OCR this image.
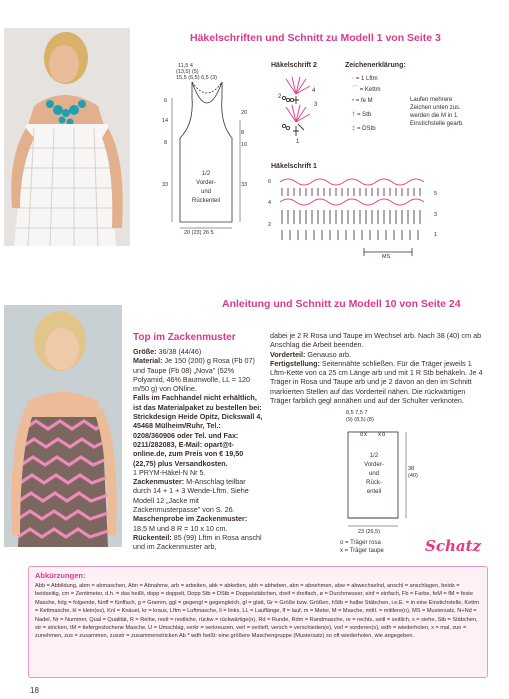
Häkelschriften und Schnitt zu Modell 1 von Seite 3
11,5 4
(13,5) (5)
15,5 (6,5) 6,5 (3)
6
14
8
33
20
8
10
33
1/2
Vorder-
und
Rückenteil
20 (23) 26 5
Häkelschrift 2
4
3
2
1
Zeichenerklärung:
◦ = 1 Lftm
⌒ = Kettm
• = fe M
† = Stb
‡ = DStb
Laufen mehrere
Zeichen unten zus.
werden die M in 1
Einstichstelle gearb.
Häkelschrift 1
6
4
2
5
3
1
MS
Anleitung und Schnitt zu Modell 10 von Seite 24
Top im Zackenmuster
Größe: 36/38 (44/46)
Material: Je 150 (200) g Rosa (Fb 07) und Taupe (Fb 08) „Nova" (52% Polyamid, 46% Baumwolle, LL = 120 m/50 g) von ONline.
Falls im Fachhandel nicht erhältlich, ist das Materialpaket zu bestellen bei: Strickdesign Heide Opitz, Dickswall 4, 45468 Mülheim/Ruhr, Tel.: 0208/360906 oder Tel. und Fax: 0211/282083, E-Mail: opart@t-online.de, zum Preis von € 19,50 (22,75) plus Versandkosten.
1 PRYM-Häkel-N Nr 5.
Zackenmuster: M-Anschlag teilbar durch 14 + 1 + 3 Wende-Lftm. Siehe Modell 12 „Jacke mit Zackenmusterpasse" von S. 26.
Maschenprobe im Zackenmuster: 18,5 M und 8 R = 10 x 10 cm.
Rückenteil: 85 (99) Lftm in Rosa anschl und im Zackenmuster arb,
dabei je 2 R Rosa und Taupe im Wechsel arb. Nach 38 (40) cm ab Anschlag die Arbeit beenden.
Vorderteil: Genauso arb.
Fertigstellung: Seitennähte schließen. Für die Träger jeweils 1 Lftm-Kette von ca 25 cm Länge arb und mit 1 R Stb behäkeln. Je 4 Träger in Rosa und Taupe arb und je 2 davon an den im Schnitt markierten Stellen auf das Vorderteil nähen. Die rückwärtigen Träger farblich gegl annähen und auf der Schulter verknoten.
o x x o
8,5 7,5 7
(9) (8,5) (8)
1/2
Vorder-
und
Rück-
enteil
38
(40)
23 (26,5)
o = Träger rosa
x = Träger taupe	Schatz
Abkürzungen:
Abb = Abbildung, abm = abmaschen, Abn = Abnahme, arb = arbeiten, abk = abketten, abh = abheben, abn = abnehmen, abw = abwechselnd, anschl = anschlagen, beids = beidseitig, cm = Zentimeter, d.h. = das heißt, dopp = doppelt, Dopp Stb = DStb = Doppelstäbchen, dreif = dreifach, ø = Durchmesser, einf = einfach, Fb = Farbe, feM = fM = feste Masche, folg = folgende, fünff = fünffach, g = Gramm, ggl = gegengl = gegengleich, gl = glatt, Gr = Größe bzw. Größen, hStb = halbe Stäbchen, i.e.E. = in eine Einstichstelle, Kettm = Kettmasche, kl = klein(es), Knl = Knäuel, kr = kraus, Lftm = Luftmasche, li = links, LL = Lauflänge, lf = lauf, m = Meter, M = Masche, mittl. = mittlere(n), MS = Mustersatz, N+Nd = Nadel, Nr = Nummer, Qual = Qualität, R = Reihe, restl = restliche, rückw = rückwärtige(n), Rd = Runde, Rdm = Randmasche, re = rechts, seitl = seitlich, s = siehe, Stb = Stäbchen, str = stricken, tM = tiefergestochene Masche, U = Umschlag, verkr = verkreuzen, verl = verlieft, versch = verschieden(e), vorl = vorderen(s), wdh = wiederholen, x = mal, zun = zunehmen, zus = zusammen, zusstr = zusammenstricken Ab * wdh heißt: eine größere Maschengruppe (Mustersatz) so oft wiederholen, wie angegeben.
18
